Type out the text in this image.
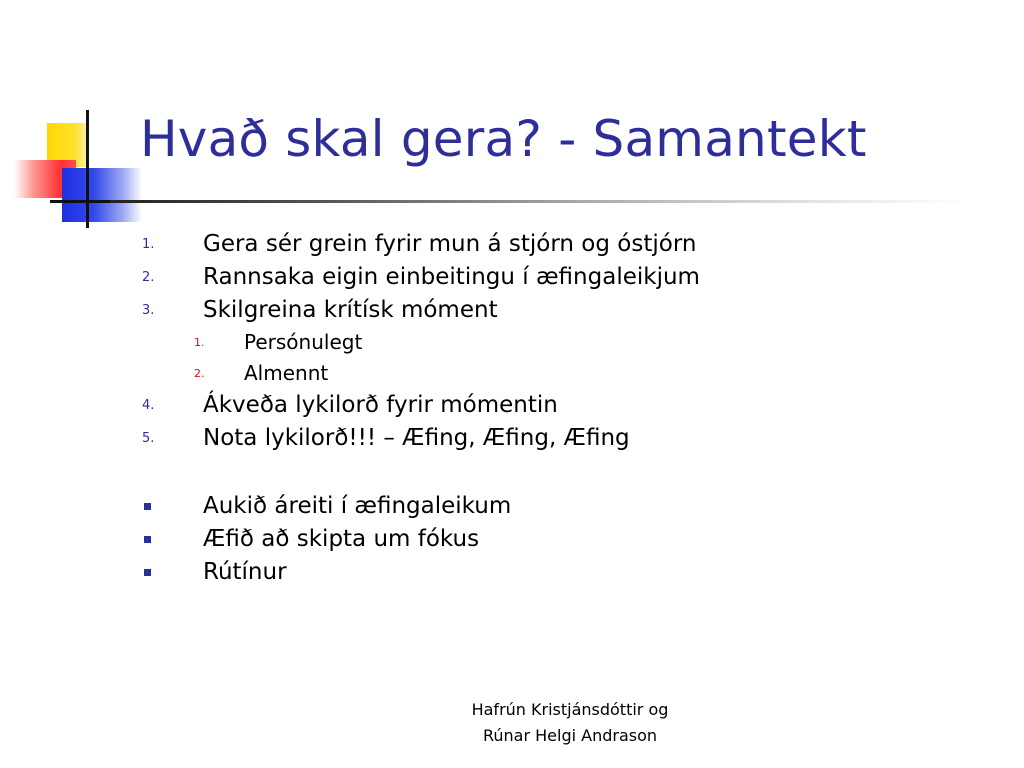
Hvað skal gera? - Samantekt
1. Gera sér grein fyrir mun á stjórn og óstjórn
2. Rannsaka eigin einbeitingu í æfingaleikjum
3. Skilgreina krítísk móment
1. Persónulegt
2. Almennt
4. Ákveða lykilorð fyrir mómentin
5. Nota lykilorð!!! – Æfing, Æfing, Æfing
Aukið áreiti í æfingaleikum
Æfið að skipta um fókus
Rútínur
Hafrún Kristjánsdóttir og
Rúnar Helgi Andrason
